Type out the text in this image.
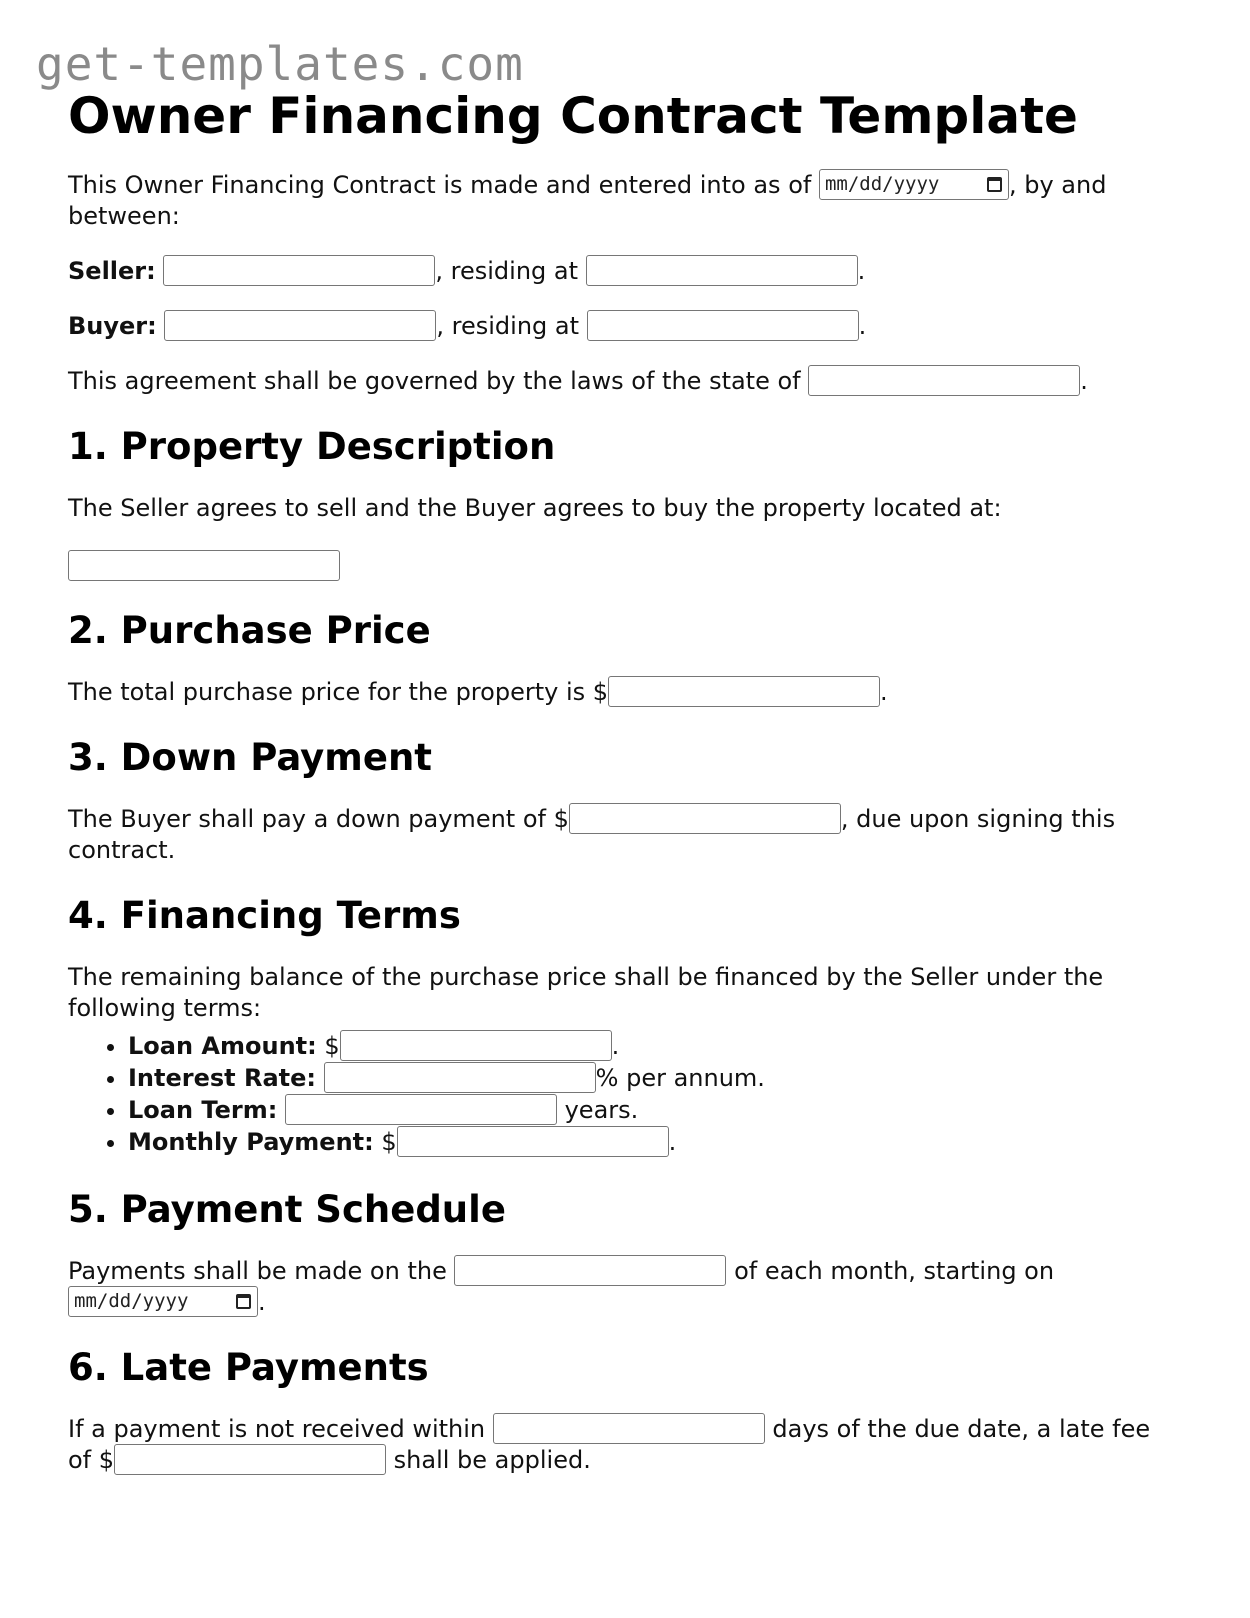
get-templates.com
Owner Financing Contract Template

This Owner Financing Contract is made and entered into as of mm/dd/yyyy	, by and between:

Seller:	, residing at	.

Buyer:	, residing at	.

This agreement shall be governed by the laws of the state of	.

1. Property Description

The Seller agrees to sell and the Buyer agrees to buy the property located at:

2. Purchase Price

The total purchase price for the property is $	.

3. Down Payment

The Buyer shall pay a down payment of $	, due upon signing this contract.

4. Financing Terms

The remaining balance of the purchase price shall be financed by the Seller under the following terms:

• Loan Amount: $	.
• Interest Rate:	% per annum.
• Loan Term:	years.
• Monthly Payment: $	.
5. Payment Schedule

Payments shall be made on the	of each month, starting on
mm/dd/yyyy	.

6. Late Payments

If a payment is not received within	days of the due date, a late fee of $	shall be applied.
